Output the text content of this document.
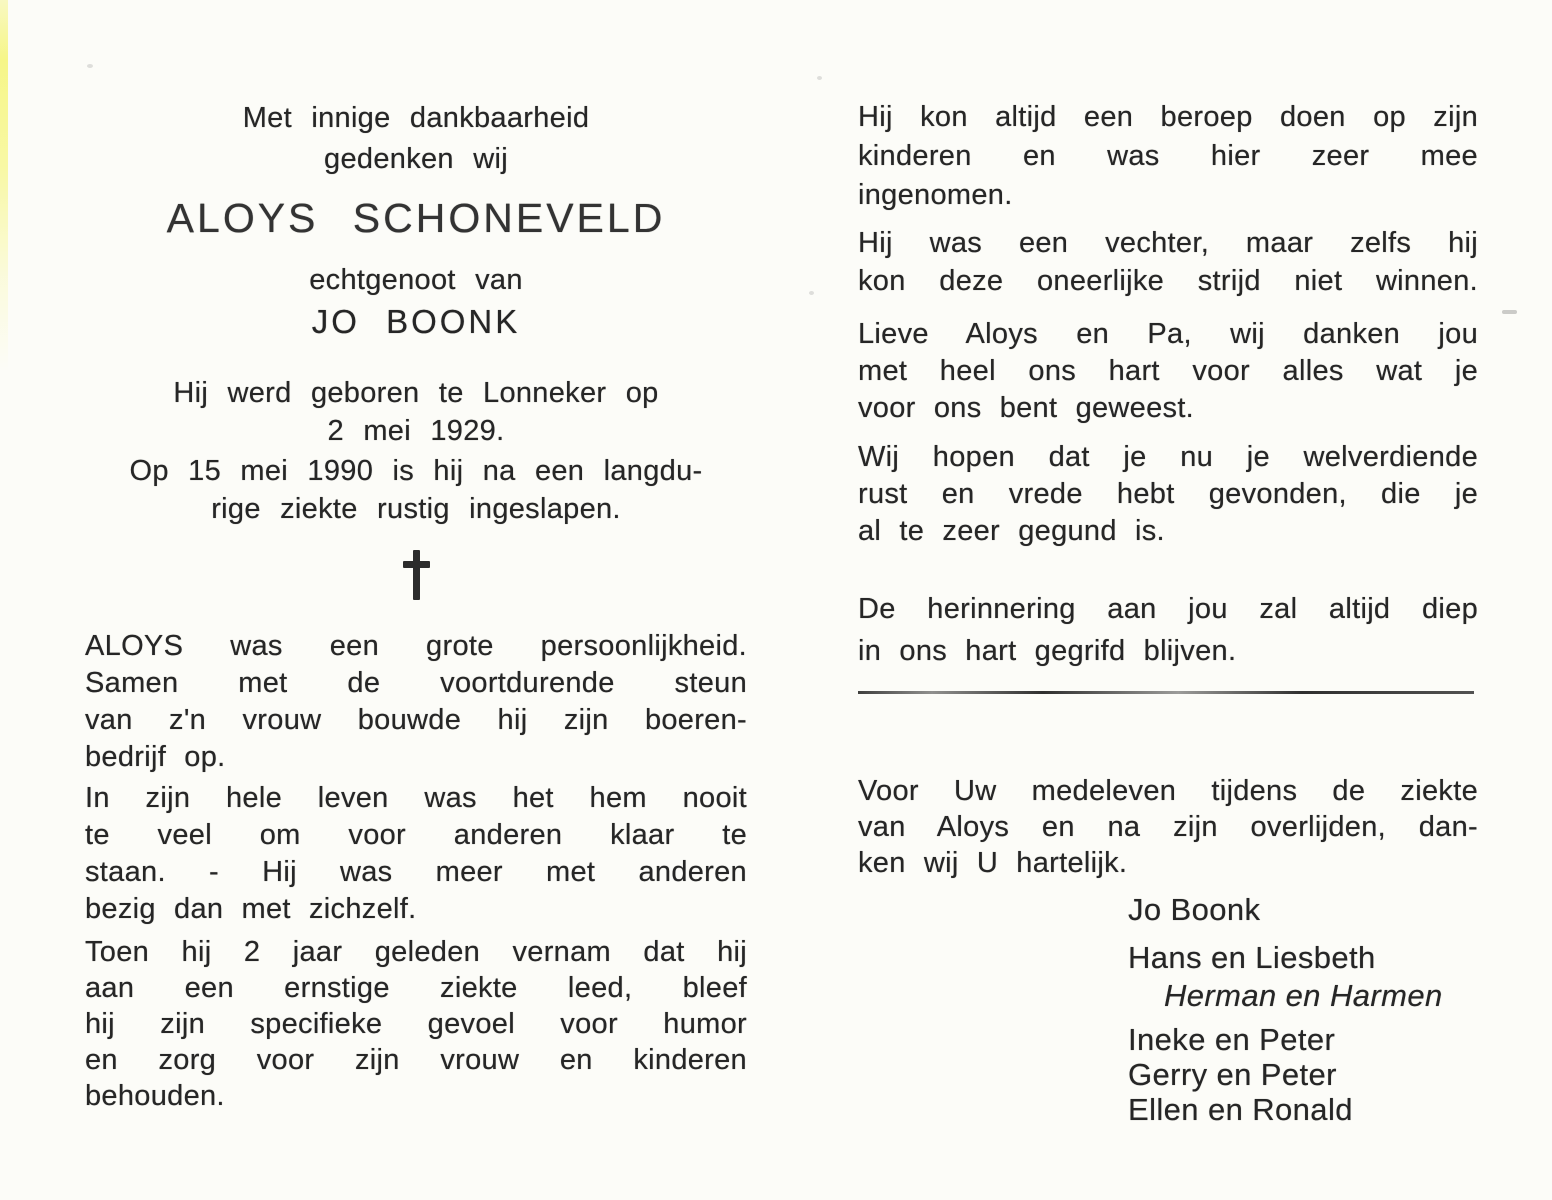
Met innige dankbaarheid
gedenken wij
ALOYS SCHONEVELD
echtgenoot van
JO BOONK
Hij werd geboren te Lonneker op
2 mei 1929.
Op 15 mei 1990 is hij na een langdu-
rige ziekte rustig ingeslapen.
ALOYS was een grote persoonlijkheid.
Samen met de voortdurende steun
van z'n vrouw bouwde hij zijn boeren-
bedrijf op.
In zijn hele leven was het hem nooit
te veel om voor anderen klaar te
staan. - Hij was meer met anderen
bezig dan met zichzelf.
Toen hij 2 jaar geleden vernam dat hij
aan een ernstige ziekte leed, bleef
hij zijn specifieke gevoel voor humor
en zorg voor zijn vrouw en kinderen
behouden.
Hij kon altijd een beroep doen op zijn
kinderen en was hier zeer mee
ingenomen.
Hij was een vechter, maar zelfs hij
kon deze oneerlijke strijd niet winnen.
Lieve Aloys en Pa, wij danken jou
met heel ons hart voor alles wat je
voor ons bent geweest.
Wij hopen dat je nu je welverdiende
rust en vrede hebt gevonden, die je
al te zeer gegund is.
De herinnering aan jou zal altijd diep
in ons hart gegrifd blijven.
Voor Uw medeleven tijdens de ziekte
van Aloys en na zijn overlijden, dan-
ken wij U hartelijk.
Jo Boonk
Hans en Liesbeth
Herman en Harmen
Ineke en Peter
Gerry en Peter
Ellen en Ronald
